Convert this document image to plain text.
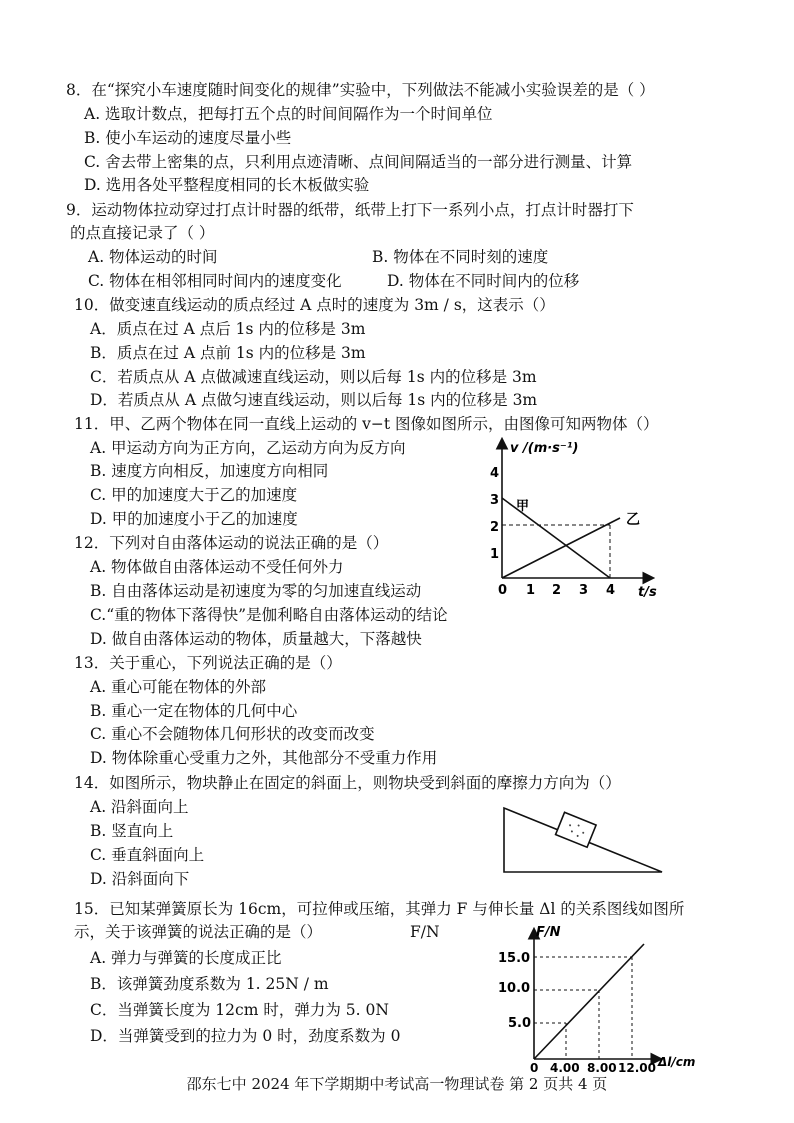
8．在“探究小车速度随时间变化的规律”实验中，下列做法不能减小实验误差的是（ ）
A. 选取计数点，把每打五个点的时间间隔作为一个时间单位
B. 使小车运动的速度尽量小些
C. 舍去带上密集的点，只利用点迹清晰、点间间隔适当的一部分进行测量、计算
D. 选用各处平整程度相同的长木板做实验
9．运动物体拉动穿过打点计时器的纸带，纸带上打下一系列小点，打点计时器打下
的点直接记录了（ ）
A. 物体运动的时间	B. 物体在不同时刻的速度
C. 物体在相邻相同时间内的速度变化	D. 物体在不同时间内的位移
10．做变速直线运动的质点经过 A 点时的速度为 3m / s，这表示（）
A．质点在过 A 点后 1s 内的位移是 3m
B．质点在过 A 点前 1s 内的位移是 3m
C．若质点从 A 点做减速直线运动，则以后每 1s 内的位移是 3m
D．若质点从 A 点做匀速直线运动，则以后每 1s 内的位移是 3m
11．甲、乙两个物体在同一直线上运动的 v−t 图像如图所示，由图像可知两物体（）
A. 甲运动方向为正方向，乙运动方向为反方向
B. 速度方向相反，加速度方向相同
C. 甲的加速度大于乙的加速度
D. 甲的加速度小于乙的加速度
12．下列对自由落体运动的说法正确的是（）
A. 物体做自由落体运动不受任何外力
B. 自由落体运动是初速度为零的匀加速直线运动
C.“重的物体下落得快”是伽利略自由落体运动的结论
D. 做自由落体运动的物体，质量越大，下落越快
13．关于重心，下列说法正确的是（）
A. 重心可能在物体的外部
B. 重心一定在物体的几何中心
C. 重心不会随物体几何形状的改变而改变
D. 物体除重心受重力之外，其他部分不受重力作用
14．如图所示，物块静止在固定的斜面上，则物块受到斜面的摩擦力方向为（）
A. 沿斜面向上
B. 竖直向上
C. 垂直斜面向上
D. 沿斜面向下
15．已知某弹簧原长为 16cm，可拉伸或压缩，其弹力 F 与伸长量 Δl 的关系图线如图所
示，关于该弹簧的说法正确的是（）	F/N
A. 弹力与弹簧的长度成正比
B．该弹簧劲度系数为 1. 25N / m
C．当弹簧长度为 12cm 时，弹力为 5. 0N
D．当弹簧受到的拉力为 0 时，劲度系数为 0
v /(m·s⁻¹)
t/s
1
2
3
4
0 1 2 3 4
甲
乙
F/N
Δl/cm
15.0
10.0
5.0
0 4.00 8.00 12.00
邵东七中 2024 年下学期期中考试高一物理试卷 第 2 页共 4 页
